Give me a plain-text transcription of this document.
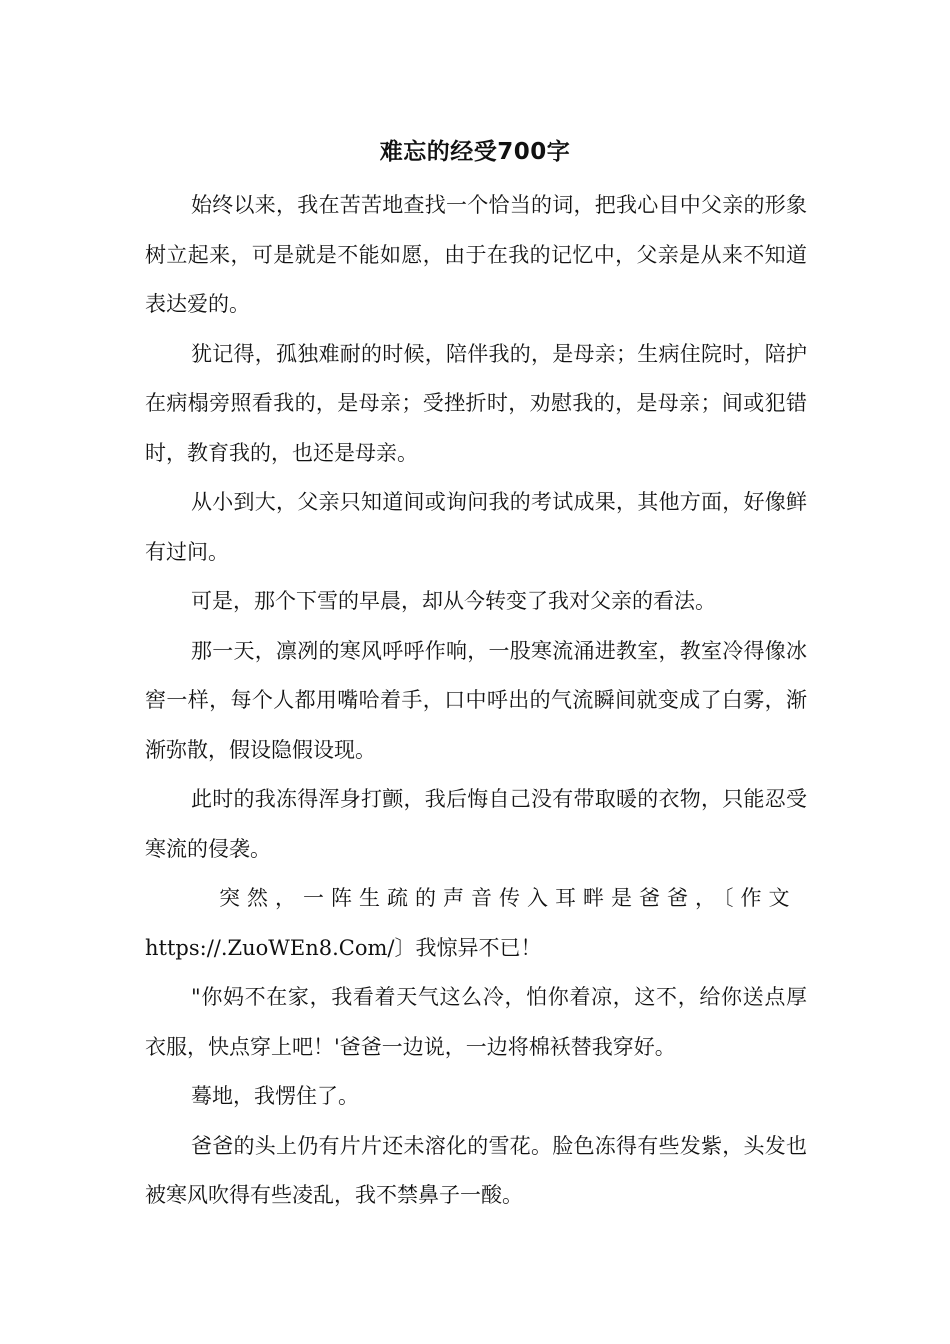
难忘的经受700字

始终以来，我在苦苦地查找一个恰当的词，把我心目中父亲的形象树立起来，可是就是不能如愿，由于在我的记忆中，父亲是从来不知道表达爱的。

犹记得，孤独难耐的时候，陪伴我的，是母亲；生病住院时，陪护在病榻旁照看我的，是母亲；受挫折时，劝慰我的，是母亲；间或犯错时，教育我的，也还是母亲。

从小到大，父亲只知道间或询问我的考试成果，其他方面，好像鲜有过问。

可是，那个下雪的早晨，却从今转变了我对父亲的看法。

那一天，凛冽的寒风呼呼作响，一股寒流涌进教室，教室冷得像冰窖一样，每个人都用嘴哈着手，口中呼出的气流瞬间就变成了白雾，渐渐弥散，假设隐假设现。

此时的我冻得浑身打颤，我后悔自己没有带取暖的衣物，只能忍受寒流的侵袭。

突然，一阵生疏的声音传入耳畔是爸爸，〔作文

https://.ZuoWEn8.Com/〕我惊异不已！

"你妈不在家，我看着天气这么冷，怕你着凉，这不，给你送点厚衣服，快点穿上吧！'爸爸一边说，一边将棉袄替我穿好。

蓦地，我愣住了。

爸爸的头上仍有片片还未溶化的雪花。脸色冻得有些发紫，头发也被寒风吹得有些凌乱，我不禁鼻子一酸。
